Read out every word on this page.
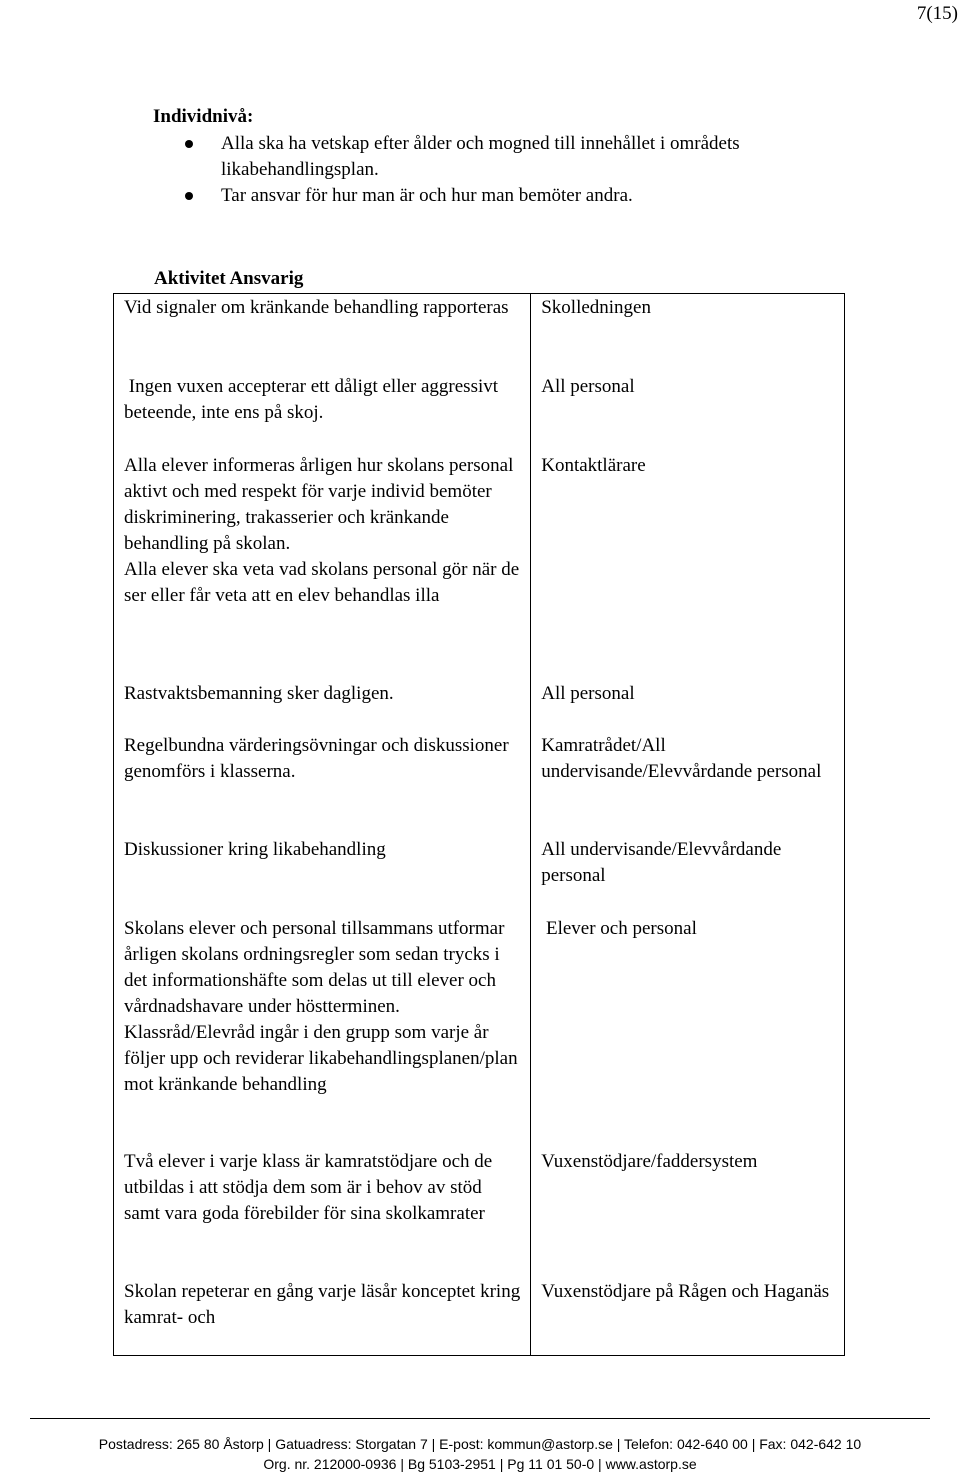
7(15)
Individnivå:
Alla ska ha vetskap efter ålder och mogned till innehållet i områdets likabehandlingsplan.
Tar ansvar för hur man är och hur man bemöter andra.
Aktivitet Ansvarig
Vid signaler om kränkande behandling rapporteras	Skolledningen
Ingen vuxen accepterar ett dåligt eller aggressivt beteende, inte ens på skoj.	All personal

Alla elever informeras årligen hur skolans personal aktivt och med respekt för varje individ bemöter diskriminering, trakasserier och kränkande behandling på skolan.
Alla elever ska veta vad skolans personal gör när de ser eller får veta att en elev behandlas illa	Kontaktlärare
Rastvaktsbemanning sker dagligen.	All personal
Regelbundna värderingsövningar och diskussioner genomförs i klasserna.	Kamratrådet/All undervisande/Elevvårdande personal
Diskussioner kring likabehandling	All undervisande/Elevvårdande personal
Skolans elever och personal tillsammans utformar årligen skolans ordningsregler som sedan trycks i det informationshäfte som delas ut till elever och vårdnadshavare under höstterminen. Klassråd/Elevråd ingår i den grupp som varje år följer upp och reviderar likabehandlingsplanen/plan mot kränkande behandling	Elever och personal
Två elever i varje klass är kamratstödjare och de utbildas i att stödja dem som är i behov av stöd samt vara goda förebilder för sina skolkamrater	Vuxenstödjare/faddersystem
Skolan repeterar en gång varje läsår konceptet kring kamrat- och	Vuxenstödjare på Rågen och Haganäs
Postadress: 265 80 Åstorp | Gatuadress: Storgatan 7 | E-post: kommun@astorp.se | Telefon: 042-640 00 | Fax: 042-642 10
Org. nr. 212000-0936 | Bg 5103-2951 | Pg 11 01 50-0 | www.astorp.se
